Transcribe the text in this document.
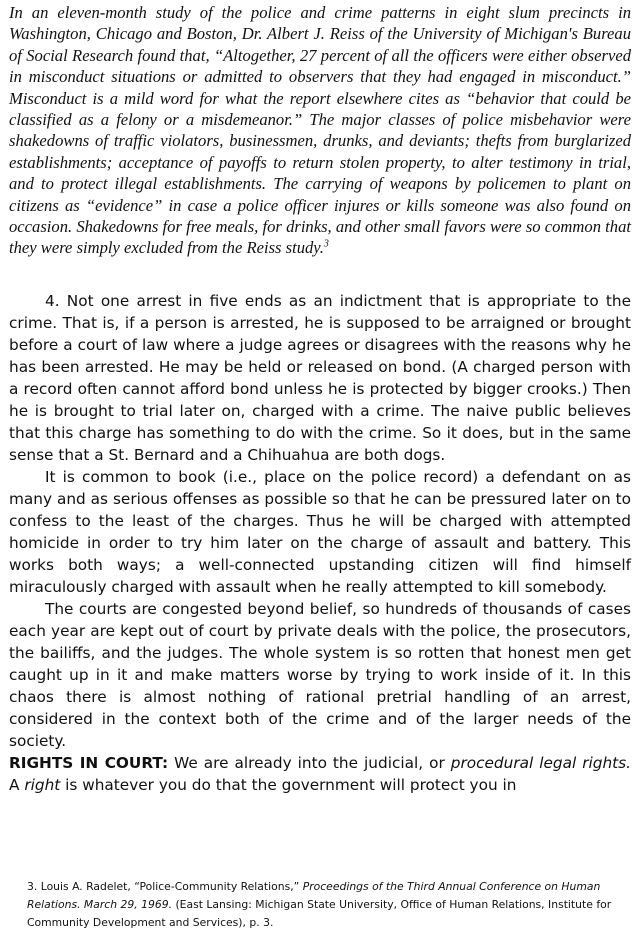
In an eleven-month study of the police and crime patterns in eight slum precincts in Washington, Chicago and Boston, Dr. Albert J. Reiss of the University of Michigan's Bureau of Social Research found that, “Altogether, 27 percent of all the officers were either observed in misconduct situations or admitted to observers that they had engaged in misconduct.” Misconduct is a mild word for what the report elsewhere cites as “behavior that could be classified as a felony or a misdemeanor.” The major classes of police misbehavior were shakedowns of traffic violators, businessmen, drunks, and deviants; thefts from burglarized establishments; acceptance of payoffs to return stolen property, to alter testimony in trial, and to protect illegal establishments. The carrying of weapons by policemen to plant on citizens as “evidence” in case a police officer injures or kills someone was also found on occasion. Shakedowns for free meals, for drinks, and other small favors were so common that they were simply excluded from the Reiss study.$^3$

4. Not one arrest in five ends as an indictment that is appropriate to the crime. That is, if a person is arrested, he is supposed to be arraigned or brought before a court of law where a judge agrees or disagrees with the reasons why he has been arrested. He may be held or released on bond. (A charged person with a record often cannot afford bond unless he is protected by bigger crooks.) Then he is brought to trial later on, charged with a crime. The naive public believes that this charge has something to do with the crime. So it does, but in the same sense that a St. Bernard and a Chihuahua are both dogs.

It is common to book (i.e., place on the police record) a defendant on as many and as serious offenses as possible so that he can be pressured later on to confess to the least of the charges. Thus he will be charged with attempted homicide in order to try him later on the charge of assault and battery. This works both ways; a well-connected upstanding citizen will find himself miraculously charged with assault when he really attempted to kill somebody.

The courts are congested beyond belief, so hundreds of thousands of cases each year are kept out of court by private deals with the police, the prosecutors, the bailiffs, and the judges. The whole system is so rotten that honest men get caught up in it and make matters worse by trying to work inside of it. In this chaos there is almost nothing of rational pretrial handling of an arrest, considered in the context both of the crime and of the larger needs of the society.

RIGHTS IN COURT: We are already into the judicial, or procedural legal rights. A right is whatever you do that the government will protect you in

3. Louis A. Radelet, “Police-Community Relations,” Proceedings of the Third Annual Conference on Human Relations. March 29, 1969. (East Lansing: Michigan State University, Office of Human Relations, Institute for Community Development and Services), p. 3.
